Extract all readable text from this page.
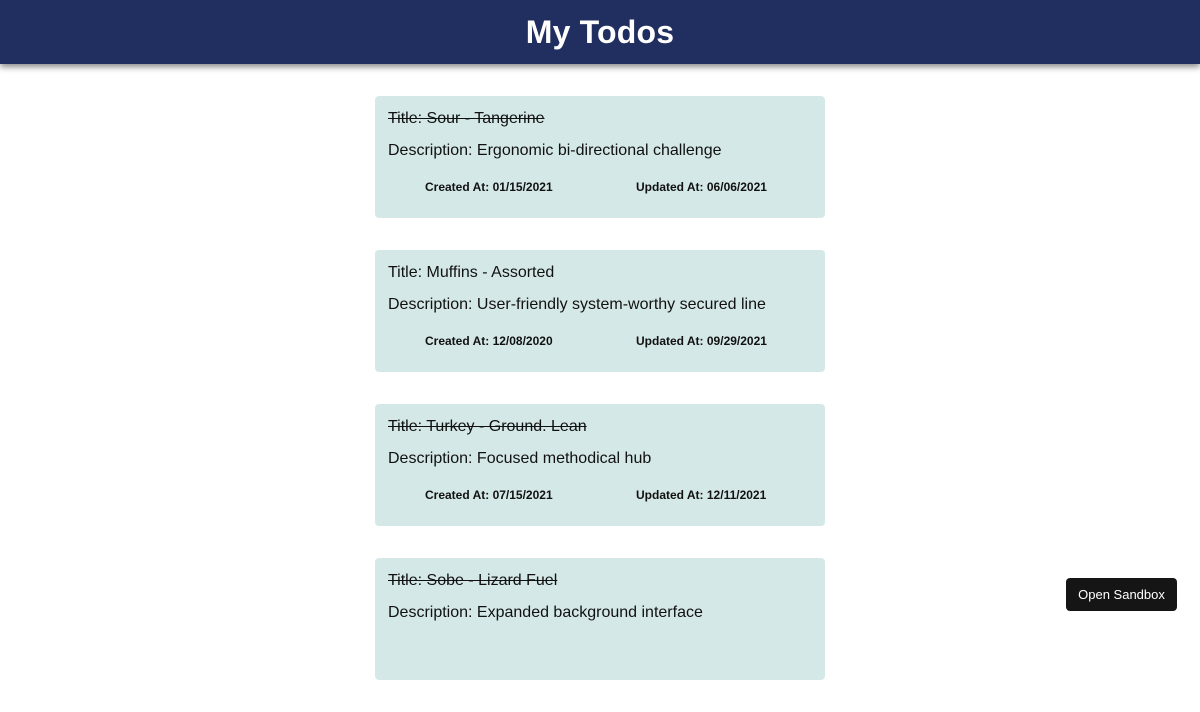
My Todos
Title: Sour - Tangerine
Description: Ergonomic bi-directional challenge
Created At: 01/15/2021	Updated At: 06/06/2021
Title: Muffins - Assorted
Description: User-friendly system-worthy secured line
Created At: 12/08/2020	Updated At: 09/29/2021
Title: Turkey - Ground. Lean
Description: Focused methodical hub
Created At: 07/15/2021	Updated At: 12/11/2021
Title: Sobe - Lizard Fuel
Description: Expanded background interface
Open Sandbox
